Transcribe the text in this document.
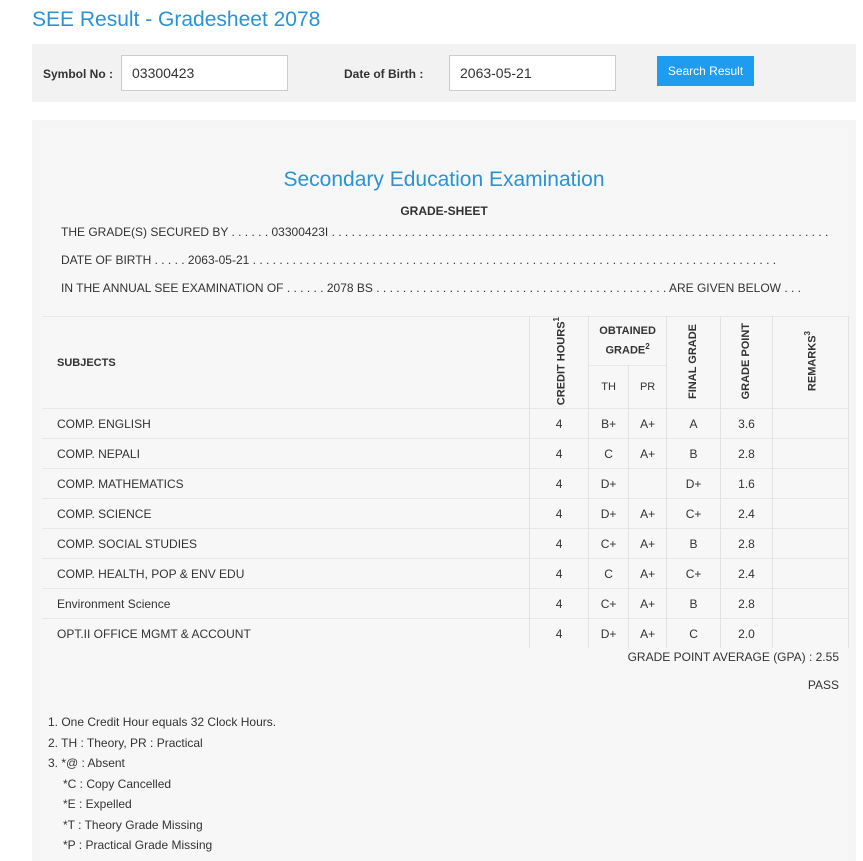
SEE Result - Gradesheet 2078
Symbol No :
03300423	Date of Birth :
2063-05-21	Search Result
Secondary Education Examination
GRADE-SHEET
THE GRADE(S) SECURED BY . . . . . . 03300423I . . . . . . . . . . . . . . . . . . . . . . . . . . . . . . . . . . . . . . . . . . . . . . . . . . . . . . . . . . . . . . . . . . . . . . . . . . .
DATE OF BIRTH . . . . . 2063-05-21 . . . . . . . . . . . . . . . . . . . . . . . . . . . . . . . . . . . . . . . . . . . . . . . . . . . . . . . . . . . . . . . . . . . . . . . . . . . . . . .
IN THE ANNUAL SEE EXAMINATION OF . . . . . . 2078 BS . . . . . . . . . . . . . . . . . . . . . . . . . . . . . . . . . . . . . . . . . . . . ARE GIVEN BELOW . . .
SUBJECTS	CREDIT HOURS$^1$	OBTAINED GRADE$^2$		FINAL GRADE	GRADE POINT	REMARKS$^3$
		TH	PR			
COMP. ENGLISH	4	B+	A+	A	3.6	
COMP. NEPALI	4	C	A+	B	2.8	
COMP. MATHEMATICS	4	D+		D+	1.6	
COMP. SCIENCE	4	D+	A+	C+	2.4	
COMP. SOCIAL STUDIES	4	C+	A+	B	2.8	
COMP. HEALTH, POP & ENV EDU	4	C	A+	C+	2.4	
Environment Science	4	C+	A+	B	2.8	
OPT.II OFFICE MGMT & ACCOUNT	4	D+	A+	C	2.0	
GRADE POINT AVERAGE (GPA) : 2.55
PASS
1. One Credit Hour equals 32 Clock Hours.
2. TH : Theory, PR : Practical
3. *@ : Absent
*C : Copy Cancelled
*E : Expelled
*T : Theory Grade Missing
*P : Practical Grade Missing
